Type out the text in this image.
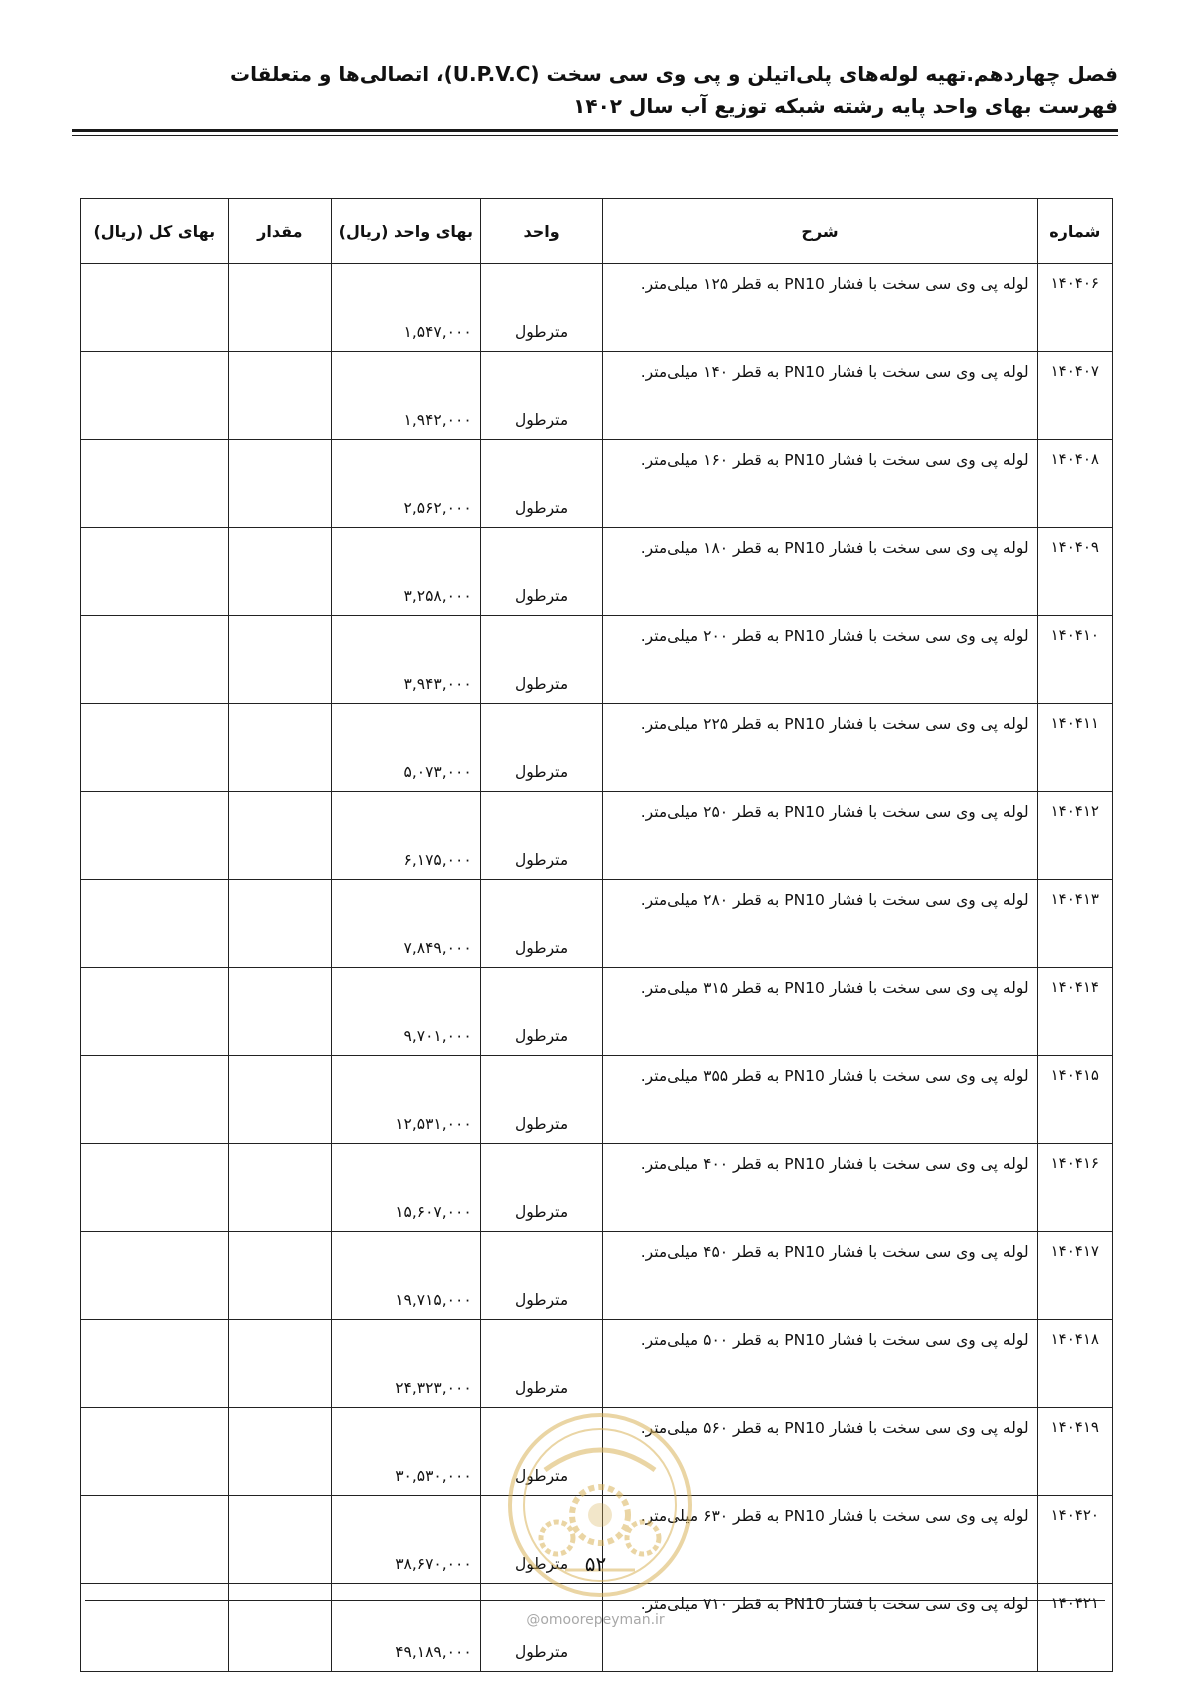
فصل چهاردهم.تهیه لوله‌های پلی‌اتیلن و پی وی سی سخت (U.P.V.C)، اتصالی‌ها و متعلقات
فهرست بهای واحد پایه رشته شبکه توزیع آب سال ۱۴۰۲
شماره	شرح	واحد	بهای واحد (ریال)	مقدار	بهای کل (ریال)
۱۴۰۴۰۶	لوله پی وی سی سخت با فشار PN10 به قطر ۱۲۵ میلی‌متر.	مترطول	۱,۵۴۷,۰۰۰		
۱۴۰۴۰۷	لوله پی وی سی سخت با فشار PN10 به قطر ۱۴۰ میلی‌متر.	مترطول	۱,۹۴۲,۰۰۰		
۱۴۰۴۰۸	لوله پی وی سی سخت با فشار PN10 به قطر ۱۶۰ میلی‌متر.	مترطول	۲,۵۶۲,۰۰۰		
۱۴۰۴۰۹	لوله پی وی سی سخت با فشار PN10 به قطر ۱۸۰ میلی‌متر.	مترطول	۳,۲۵۸,۰۰۰		
۱۴۰۴۱۰	لوله پی وی سی سخت با فشار PN10 به قطر ۲۰۰ میلی‌متر.	مترطول	۳,۹۴۳,۰۰۰		
۱۴۰۴۱۱	لوله پی وی سی سخت با فشار PN10 به قطر ۲۲۵ میلی‌متر.	مترطول	۵,۰۷۳,۰۰۰		
۱۴۰۴۱۲	لوله پی وی سی سخت با فشار PN10 به قطر ۲۵۰ میلی‌متر.	مترطول	۶,۱۷۵,۰۰۰		
۱۴۰۴۱۳	لوله پی وی سی سخت با فشار PN10 به قطر ۲۸۰ میلی‌متر.	مترطول	۷,۸۴۹,۰۰۰		
۱۴۰۴۱۴	لوله پی وی سی سخت با فشار PN10 به قطر ۳۱۵ میلی‌متر.	مترطول	۹,۷۰۱,۰۰۰		
۱۴۰۴۱۵	لوله پی وی سی سخت با فشار PN10 به قطر ۳۵۵ میلی‌متر.	مترطول	۱۲,۵۳۱,۰۰۰		
۱۴۰۴۱۶	لوله پی وی سی سخت با فشار PN10 به قطر ۴۰۰ میلی‌متر.	مترطول	۱۵,۶۰۷,۰۰۰		
۱۴۰۴۱۷	لوله پی وی سی سخت با فشار PN10 به قطر ۴۵۰ میلی‌متر.	مترطول	۱۹,۷۱۵,۰۰۰		
۱۴۰۴۱۸	لوله پی وی سی سخت با فشار PN10 به قطر ۵۰۰ میلی‌متر.	مترطول	۲۴,۳۲۳,۰۰۰		
۱۴۰۴۱۹	لوله پی وی سی سخت با فشار PN10 به قطر ۵۶۰ میلی‌متر.	مترطول	۳۰,۵۳۰,۰۰۰		
۱۴۰۴۲۰	لوله پی وی سی سخت با فشار PN10 به قطر ۶۳۰ میلی‌متر.	مترطول	۳۸,۶۷۰,۰۰۰		
۱۴۰۴۲۱	لوله پی وی سی سخت با فشار PN10 به قطر ۷۱۰ میلی‌متر.	مترطول	۴۹,۱۸۹,۰۰۰		
۵۲
@omoorepeyman.ir
